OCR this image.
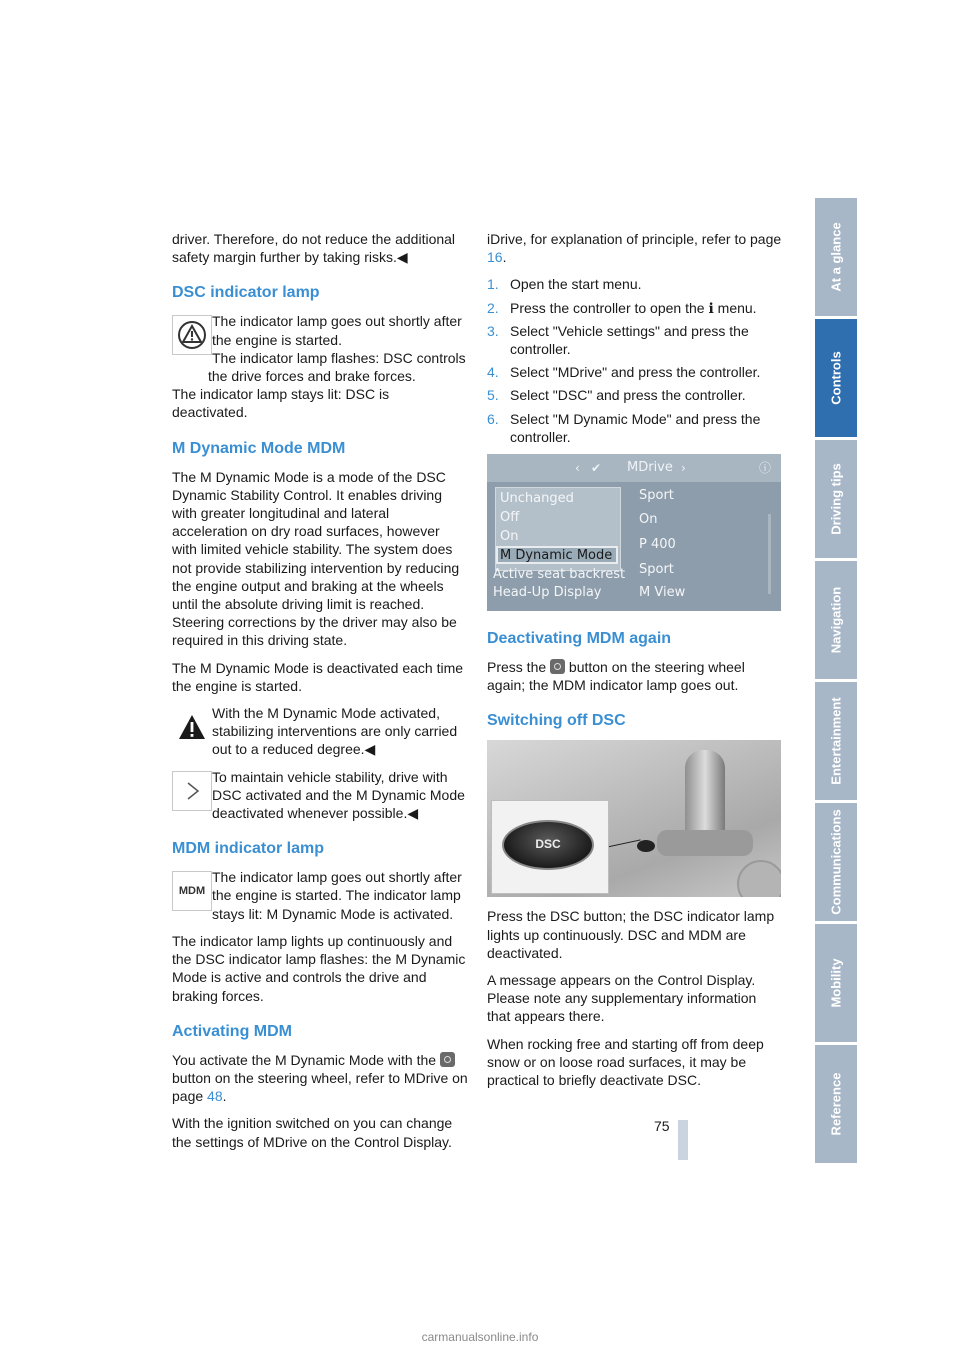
driver. Therefore, do not reduce the additional safety margin further by taking risks.◀

DSC indicator lamp
The indicator lamp goes out shortly after the engine is started.
The indicator lamp flashes: DSC controls the drive forces and brake forces.
The indicator lamp stays lit: DSC is deactivated.
M Dynamic Mode MDM

The M Dynamic Mode is a mode of the DSC Dynamic Stability Control. It enables driving with greater longitudinal and lateral acceleration on dry road surfaces, however with limited vehicle stability. The system does not provide stabilizing intervention by reducing the engine output and braking at the wheels until the absolute driving limit is reached. Steering corrections by the driver may also be required in this driving state.

The M Dynamic Mode is deactivated each time the engine is started.

With the M Dynamic Mode activated, stabilizing interventions are only carried out to a reduced degree.◀
To maintain vehicle stability, drive with DSC activated and the M Dynamic Mode deactivated whenever possible.◀
MDM indicator lamp
MDM
The indicator lamp goes out shortly after the engine is started. The indicator lamp stays lit: M Dynamic Mode is activated.

The indicator lamp lights up continuously and the DSC indicator lamp flashes: the M Dynamic Mode is active and controls the drive and braking forces.

Activating MDM

You activate the M Dynamic Mode with the  button on the steering wheel, refer to MDrive on page 48.

With the ignition switched on you can change the settings of MDrive on the Control Display.

iDrive, for explanation of principle, refer to page 16.

1. Open the start menu.
2. Press the controller to open the ℹ menu.
3. Select "Vehicle settings" and press the controller.
4. Select "MDrive" and press the controller.
5. Select "DSC" and press the controller.
6. Select "M Dynamic Mode" and press the controller.
‹ ✔ MDrive ›	ⓘ
Unchanged
Off
On
M Dynamic Mode
Active seat backrest
Head-Up Display
Sport
On
P 400
Sport
M View
Deactivating MDM again

Press the button on the steering wheel again; the MDM indicator lamp goes out.

Switching off DSC
DSC

Press the DSC button; the DSC indicator lamp lights up continuously. DSC and MDM are deactivated.

A message appears on the Control Display. Please note any supplementary information that appears there.

When rocking free and starting off from deep snow or on loose road surfaces, it may be practical to briefly deactivate DSC.

At a glance
Controls
Driving tips
Navigation
Entertainment
Communications
Mobility
Reference
75
carmanualsonline.info
